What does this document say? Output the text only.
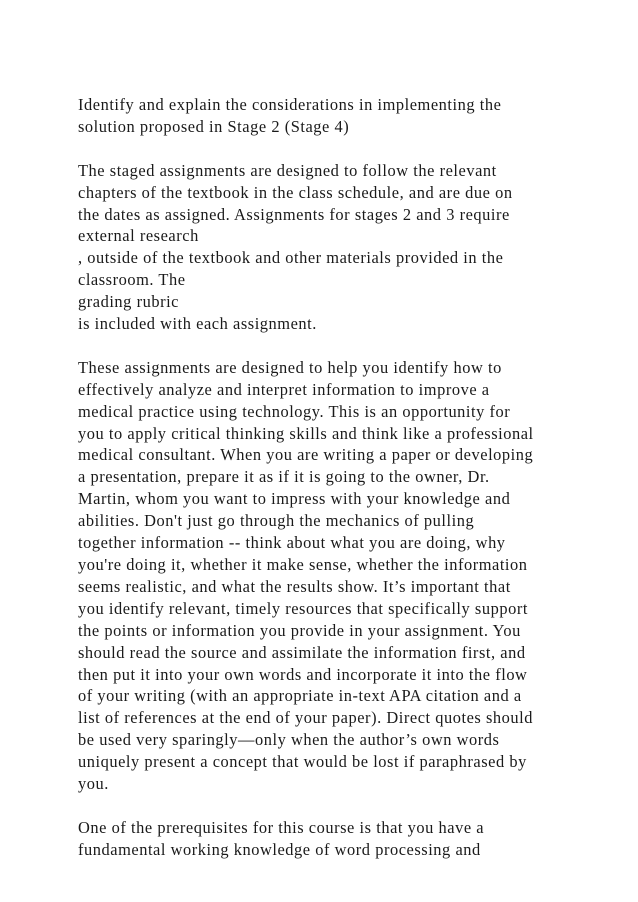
Identify and explain the considerations in implementing the
solution proposed in Stage 2 (Stage 4)

The staged assignments are designed to follow the relevant
chapters of the textbook in the class schedule, and are due on
the dates as assigned. Assignments for stages 2 and 3 require
external research
, outside of the textbook and other materials provided in the
classroom. The
grading rubric
is included with each assignment.

These assignments are designed to help you identify how to
effectively analyze and interpret information to improve a
medical practice using technology. This is an opportunity for
you to apply critical thinking skills and think like a professional
medical consultant. When you are writing a paper or developing
a presentation, prepare it as if it is going to the owner, Dr.
Martin, whom you want to impress with your knowledge and
abilities. Don't just go through the mechanics of pulling
together information -- think about what you are doing, why
you're doing it, whether it make sense, whether the information
seems realistic, and what the results show. It’s important that
you identify relevant, timely resources that specifically support
the points or information you provide in your assignment. You
should read the source and assimilate the information first, and
then put it into your own words and incorporate it into the flow
of your writing (with an appropriate in-text APA citation and a
list of references at the end of your paper). Direct quotes should
be used very sparingly—only when the author’s own words
uniquely present a concept that would be lost if paraphrased by
you.

One of the prerequisites for this course is that you have a
fundamental working knowledge of word processing and
